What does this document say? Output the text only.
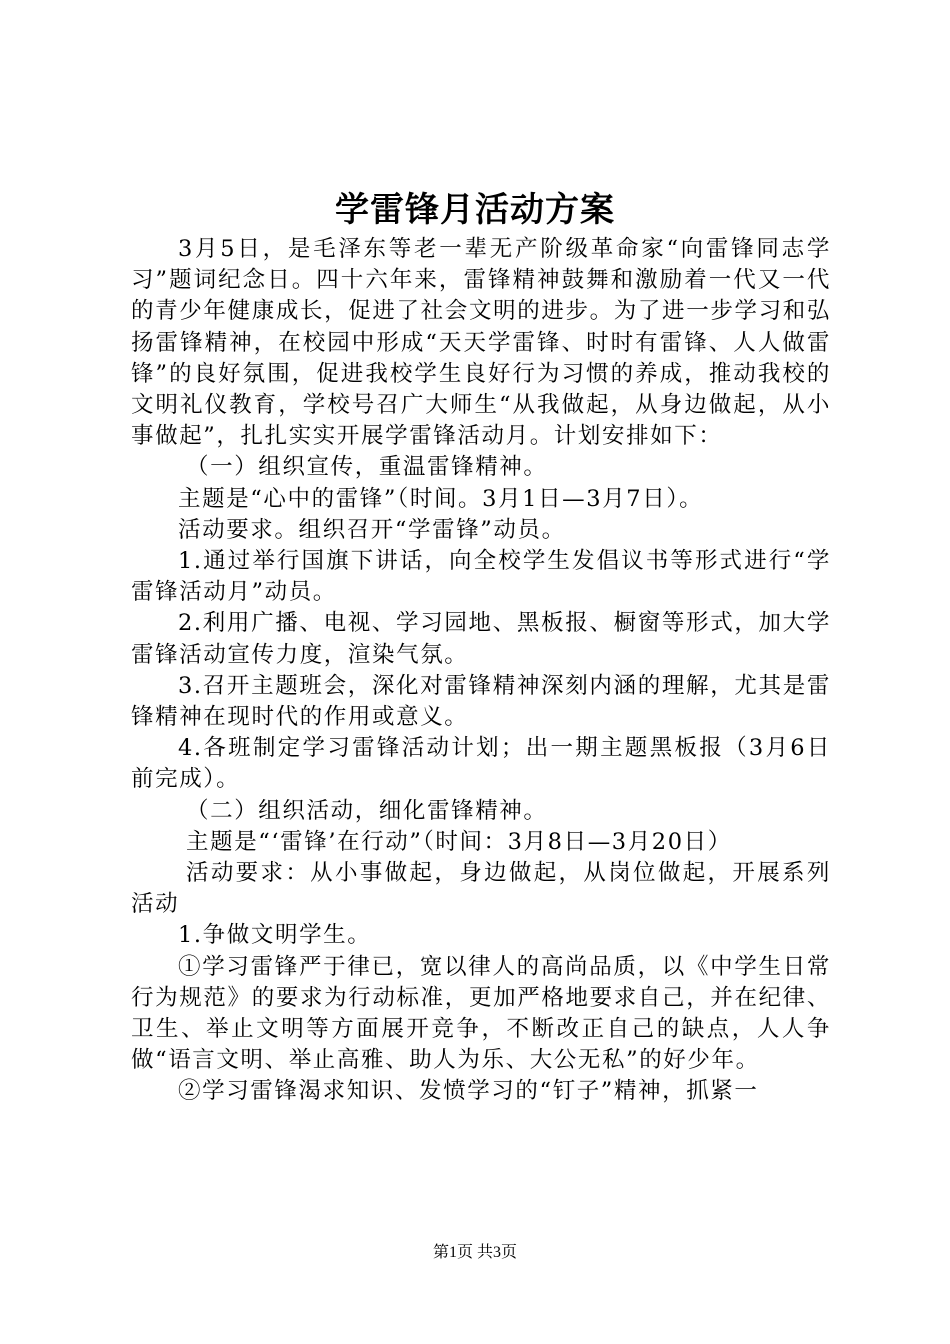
学雷锋月活动方案

3月5日，是毛泽东等老一辈无产阶级革命家“向雷锋同志学习”题词纪念日。四十六年来，雷锋精神鼓舞和激励着一代又一代的青少年健康成长，促进了社会文明的进步。为了进一步学习和弘扬雷锋精神，在校园中形成“天天学雷锋、时时有雷锋、人人做雷锋”的良好氛围，促进我校学生良好行为习惯的养成，推动我校的文明礼仪教育，学校号召广大师生“从我做起，从身边做起，从小事做起”，扎扎实实开展学雷锋活动月。计划安排如下：

（一）组织宣传，重温雷锋精神。

主题是“心中的雷锋”（时间。3月1日—3月7日）。

活动要求。组织召开“学雷锋”动员。

1.通过举行国旗下讲话，向全校学生发倡议书等形式进行“学雷锋活动月”动员。

2.利用广播、电视、学习园地、黑板报、橱窗等形式，加大学雷锋活动宣传力度，渲染气氛。

3.召开主题班会，深化对雷锋精神深刻内涵的理解，尤其是雷锋精神在现时代的作用或意义。

4.各班制定学习雷锋活动计划；出一期主题黑板报（3月6日前完成）。

（二）组织活动，细化雷锋精神。

主题是“‘雷锋’在行动”（时间：3月8日—3月20日）

活动要求：从小事做起，身边做起，从岗位做起，开展系列活动

1.争做文明学生。

①学习雷锋严于律已，宽以律人的高尚品质，以《中学生日常行为规范》的要求为行动标准，更加严格地要求自己，并在纪律、卫生、举止文明等方面展开竞争，不断改正自己的缺点，人人争做“语言文明、举止高雅、助人为乐、大公无私”的好少年。

②学习雷锋渴求知识、发愤学习的“钉子”精神，抓紧一

第1页 共3页
